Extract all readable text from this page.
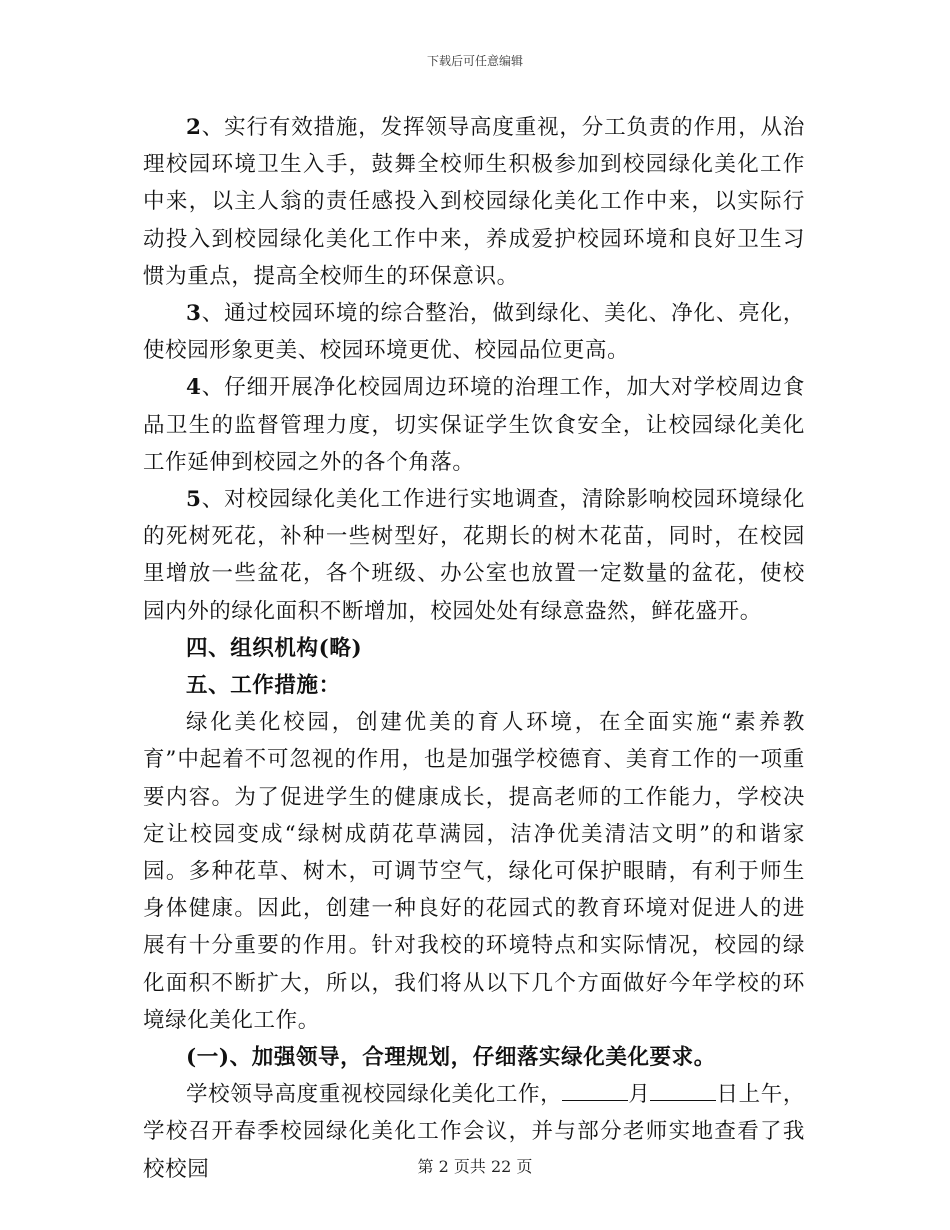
下载后可任意编辑

2、实行有效措施，发挥领导高度重视，分工负责的作用，从治理校园环境卫生入手，鼓舞全校师生积极参加到校园绿化美化工作中来，以主人翁的责任感投入到校园绿化美化工作中来，以实际行动投入到校园绿化美化工作中来，养成爱护校园环境和良好卫生习惯为重点，提高全校师生的环保意识。

3、通过校园环境的综合整治，做到绿化、美化、净化、亮化，使校园形象更美、校园环境更优、校园品位更高。

4、仔细开展净化校园周边环境的治理工作，加大对学校周边食品卫生的监督管理力度，切实保证学生饮食安全，让校园绿化美化工作延伸到校园之外的各个角落。

5、对校园绿化美化工作进行实地调查，清除影响校园环境绿化的死树死花，补种一些树型好，花期长的树木花苗，同时，在校园里增放一些盆花，各个班级、办公室也放置一定数量的盆花，使校园内外的绿化面积不断增加，校园处处有绿意盎然，鲜花盛开。

四、组织机构(略)

五、工作措施：

绿化美化校园，创建优美的育人环境，在全面实施“素养教育”中起着不可忽视的作用，也是加强学校德育、美育工作的一项重要内容。为了促进学生的健康成长，提高老师的工作能力，学校决定让校园变成“绿树成荫花草满园，洁净优美清洁文明”的和谐家园。多种花草、树木，可调节空气，绿化可保护眼睛，有利于师生身体健康。因此，创建一种良好的花园式的教育环境对促进人的进展有十分重要的作用。针对我校的环境特点和实际情况，校园的绿化面积不断扩大，所以，我们将从以下几个方面做好今年学校的环境绿化美化工作。

(一)、加强领导，合理规划，仔细落实绿化美化要求。

学校领导高度重视校园绿化美化工作，	月	日上午，学校召开春季校园绿化美化工作会议，并与部分老师实地查看了我校校园	第 2 页共 22 页
